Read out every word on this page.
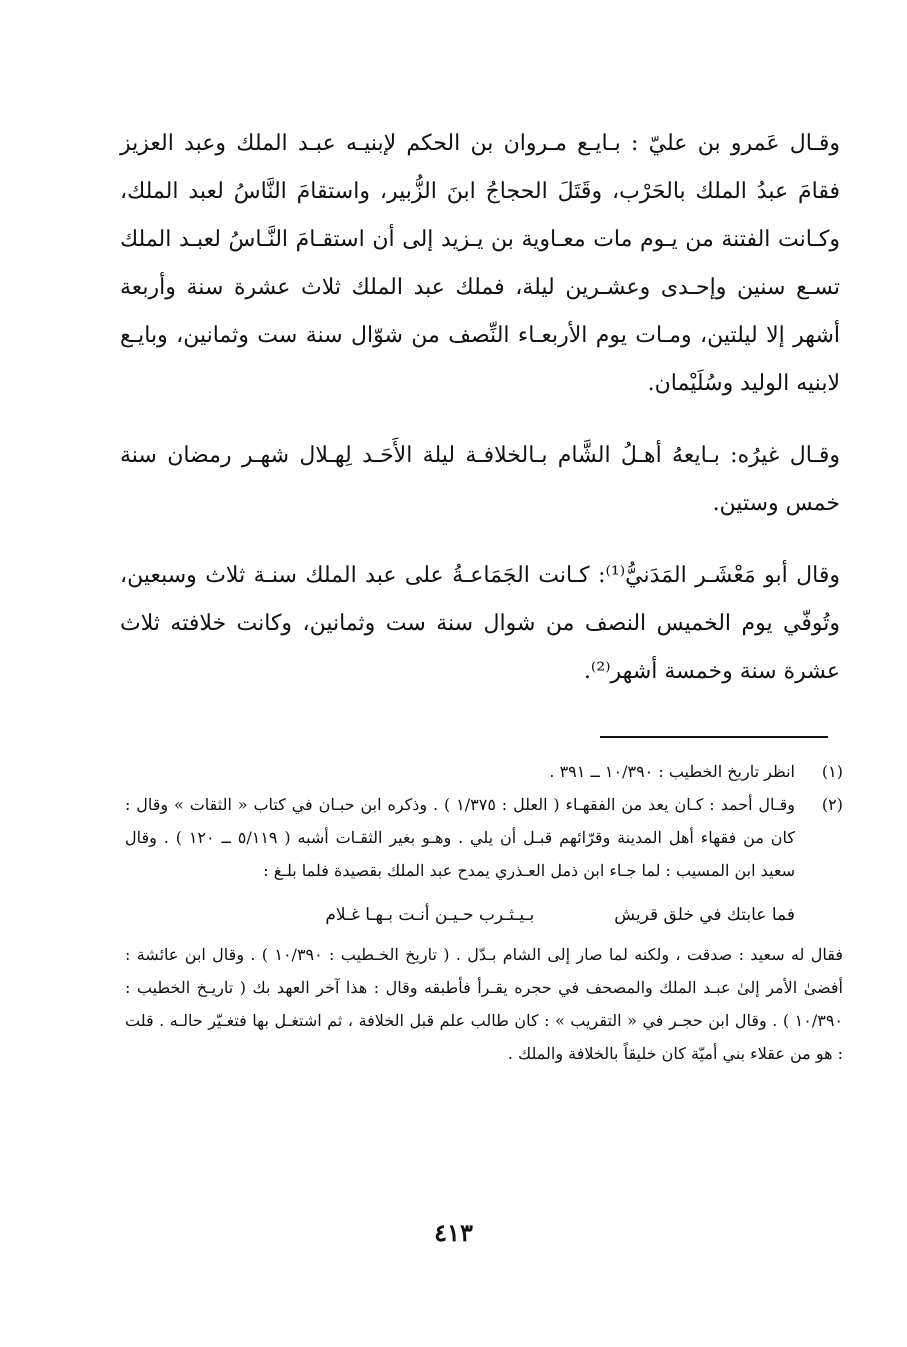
وقـال عَمرو بن عليّ : بـايـع مـروان بن الحكم لإبنيـه عبـد الملك وعبد العزيز فقامَ عبدُ الملك بالحَرْب، وقَتَلَ الحجاجُ ابنَ الزُّبير، واستقامَ النَّاسُ لعبد الملك، وكـانت الفتنة من يـوم مات معـاوية بن يـزيد إلى أن استقـامَ النَّـاسُ لعبـد الملك تسـع سنين وإحـدى وعشـرين ليلة، فملك عبد الملك ثلاث عشرة سنة وأربعة أشهر إلا ليلتين، ومـات يوم الأربعـاء النِّصف من شوّال سنة ست وثمانين، وبايـع لابنيه الوليد وسُلَيْمان.

وقـال غيرُه: بـايعهُ أهـلُ الشَّام بـالخلافـة ليلة الأَحَـد لِهـلال شهـر رمضان سنة خمس وستين.

وقال أبو مَعْشَـر المَدَنيُّ⁽¹⁾: كـانت الجَمَاعـةُ على عبد الملك سنـة ثلاث وسبعين، وتُوفّي يوم الخميس النصف من شوال سنة ست وثمانين، وكانت خلافته ثلاث عشرة سنة وخمسة أشهر⁽²⁾.

(١)

انظر تاريخ الخطيب : ١٠/٣٩٠ ــ ٣٩١ .

(٢)

وقـال أحمد : كـان يعد من الفقهـاء ( العلل : ١/٣٧٥ ) . وذكره ابن حبـان في كتاب « الثقات » وقال : كان من فقهاء أهل المدينة وقرّائهم قبـل أن يلي . وهـو بغير الثقـات أشبه ( ٥/١١٩ ــ ١٢٠ ) . وقال سعيد ابن المسيب : لما جـاء ابن ذمل العـذري يمدح عبد الملك بقصيدة فلما بلـغ :

فما عابتك في خلق قريش
بـيـثـرب حـيـن أنـت بـهـا غـلام

فقال له سعيد : صدقت ، ولكنه لما صار إلى الشام بـدّل . ( تاريخ الخـطيب : ١٠/٣٩٠ ) . وقال ابن عائشة : أفضىٰ الأمر إلىٰ عبـد الملك والمصحف في حجره يقـرأ فأطبقه وقال : هذا آخر العهد بك ( تاريـخ الخطيب : ١٠/٣٩٠ ) . وقال ابن حجـر في « التقريب » : كان طالب علم قبل الخلافة ، ثم اشتغـل بها فتغـيّر حالـه . قلت : هو من عقلاء بني أميّة كان خليقاً بالخلافة والملك .

٤١٣
